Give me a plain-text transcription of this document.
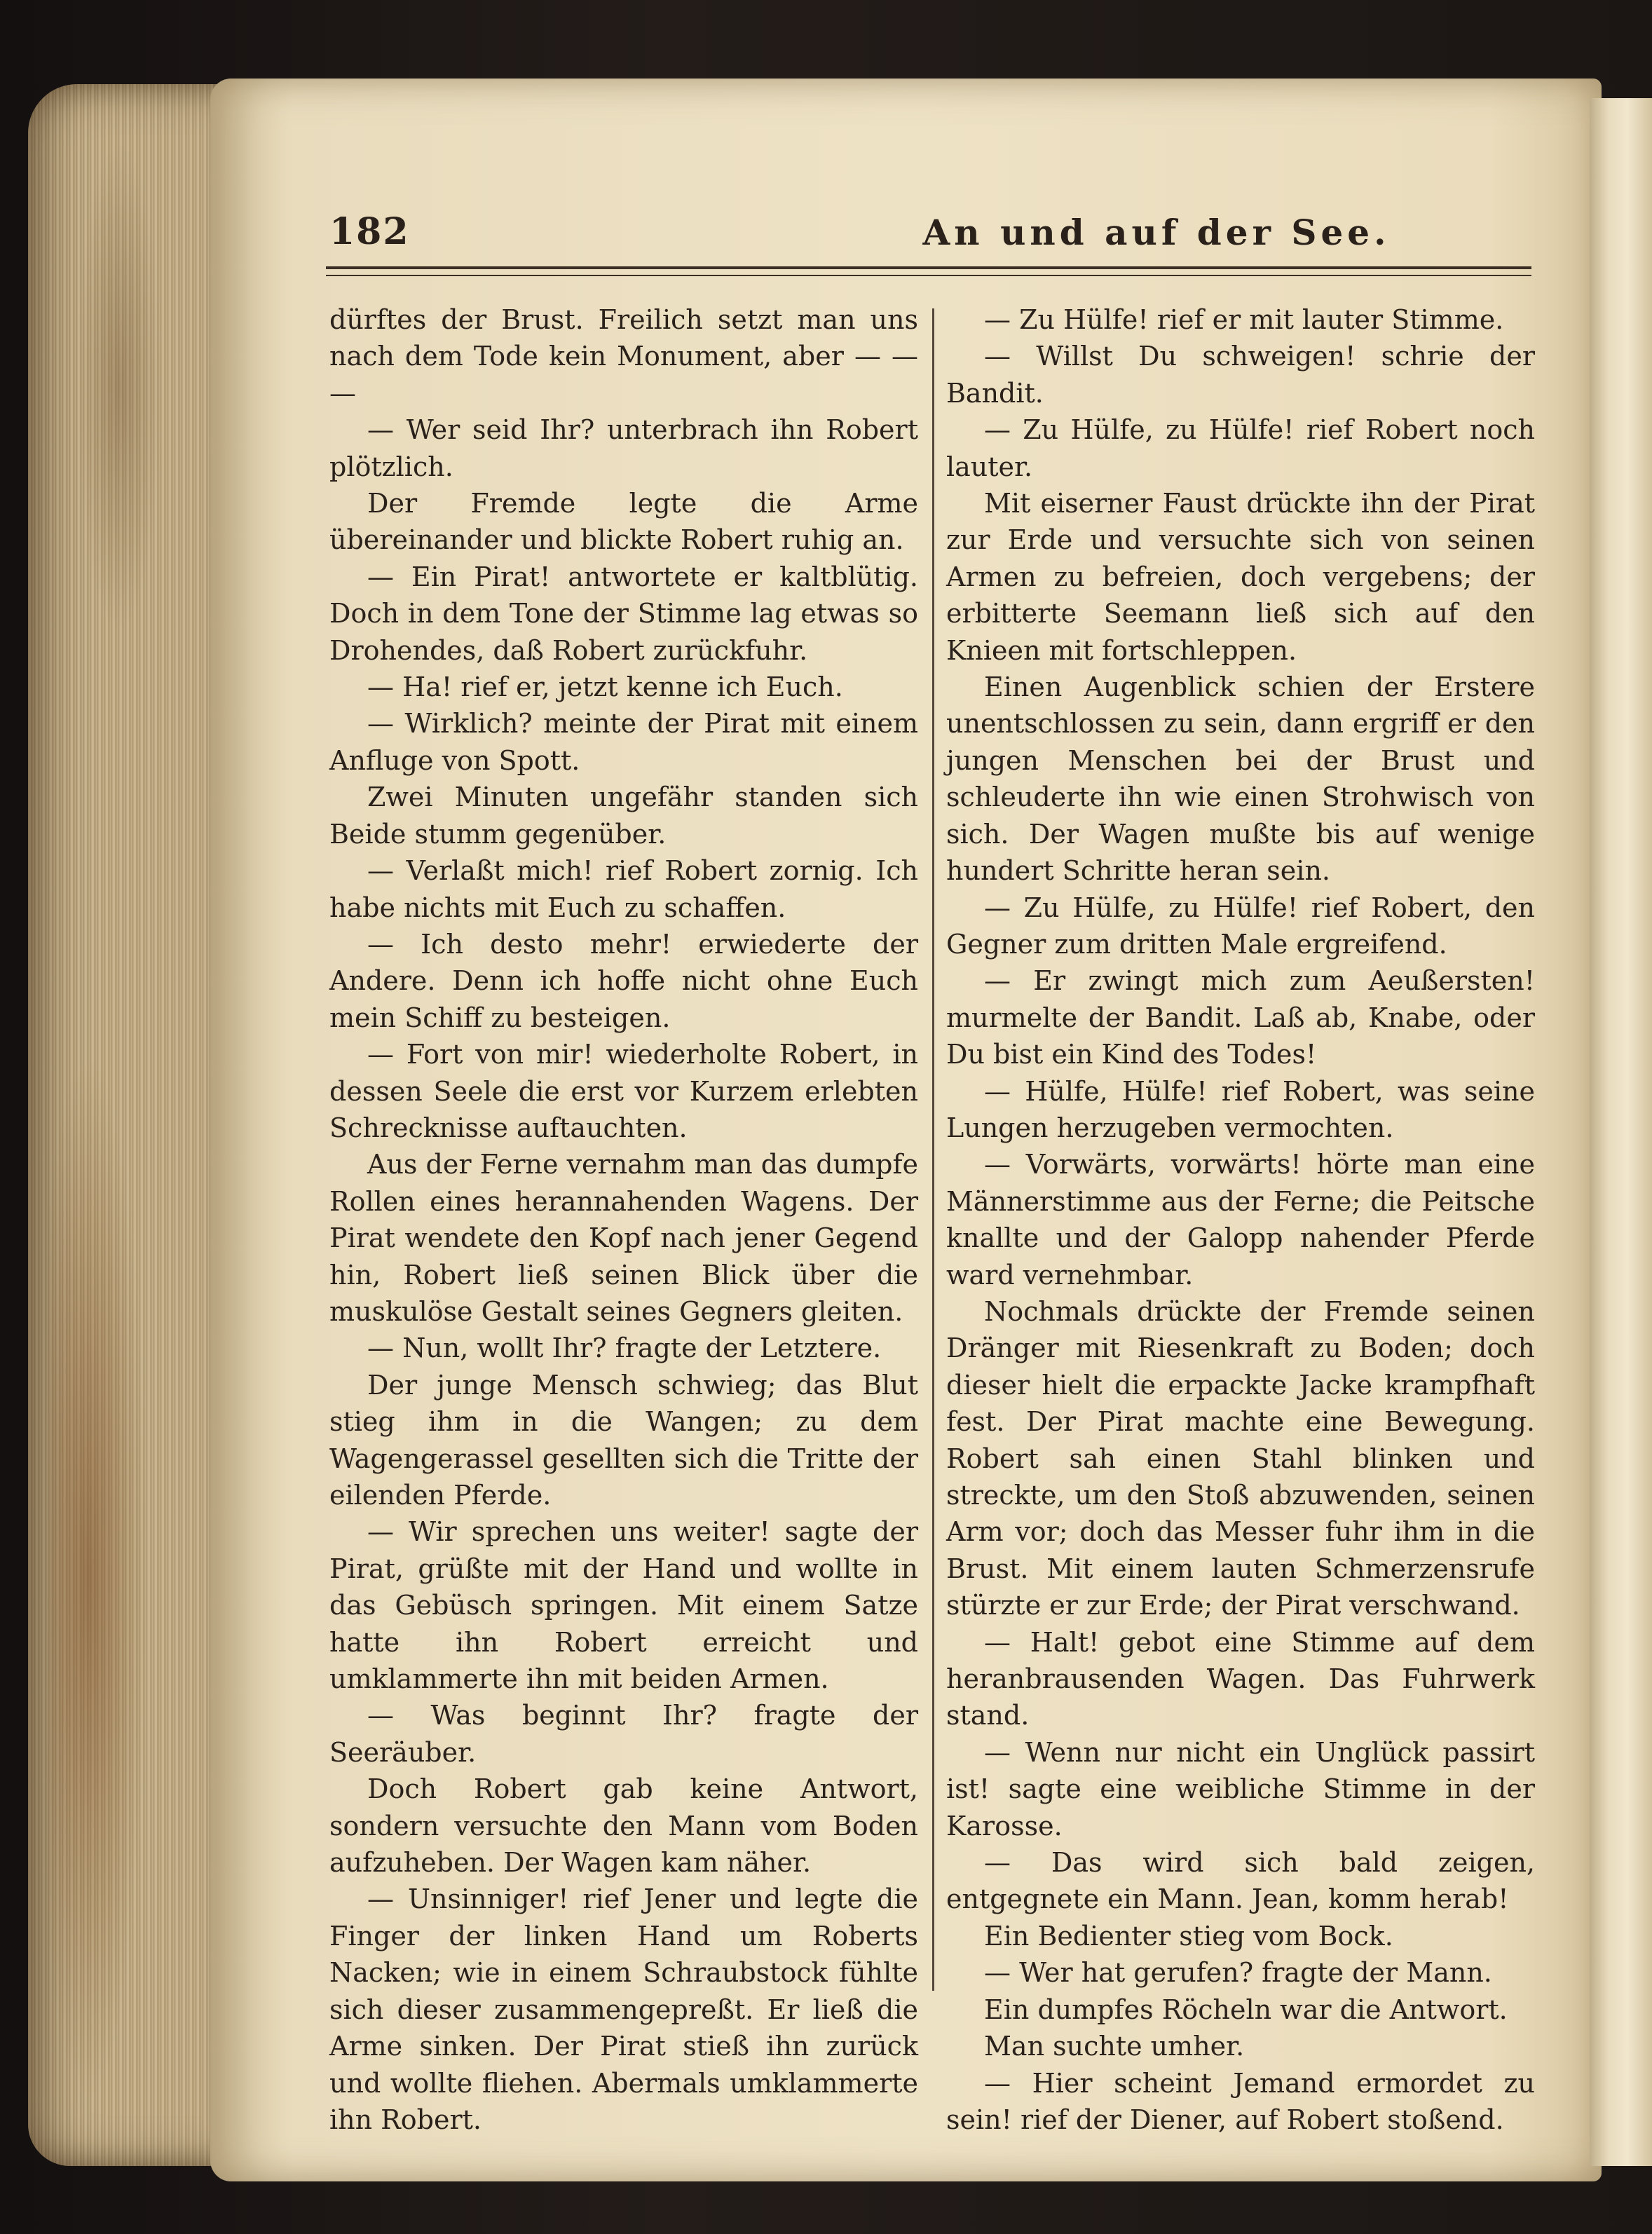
182	An und auf der See.

dürftes der Brust. Freilich setzt man uns nach dem Tode kein Monument, aber — — —

— Wer seid Ihr? unterbrach ihn Robert plötzlich.

Der Fremde legte die Arme übereinander und blickte Robert ruhig an.

— Ein Pirat! antwortete er kaltblütig. Doch in dem Tone der Stimme lag etwas so Drohendes, daß Robert zurückfuhr.

— Ha! rief er, jetzt kenne ich Euch.

— Wirklich? meinte der Pirat mit einem Anfluge von Spott.

Zwei Minuten ungefähr standen sich Beide stumm gegenüber.

— Verlaßt mich! rief Robert zornig. Ich habe nichts mit Euch zu schaffen.

— Ich desto mehr! erwiederte der Andere. Denn ich hoffe nicht ohne Euch mein Schiff zu besteigen.

— Fort von mir! wiederholte Robert, in dessen Seele die erst vor Kurzem erlebten Schrecknisse auftauchten.

Aus der Ferne vernahm man das dumpfe Rollen eines herannahenden Wagens. Der Pirat wendete den Kopf nach jener Gegend hin, Robert ließ seinen Blick über die muskulöse Gestalt seines Gegners gleiten.

— Nun, wollt Ihr? fragte der Letztere.

Der junge Mensch schwieg; das Blut stieg ihm in die Wangen; zu dem Wagengerassel gesellten sich die Tritte der eilenden Pferde.

— Wir sprechen uns weiter! sagte der Pirat, grüßte mit der Hand und wollte in das Gebüsch springen. Mit einem Satze hatte ihn Robert erreicht und umklammerte ihn mit beiden Armen.

— Was beginnt Ihr? fragte der Seeräuber.

Doch Robert gab keine Antwort, sondern versuchte den Mann vom Boden aufzuheben. Der Wagen kam näher.

— Unsinniger! rief Jener und legte die Finger der linken Hand um Roberts Nacken; wie in einem Schraubstock fühlte sich dieser zusammengepreßt. Er ließ die Arme sinken. Der Pirat stieß ihn zurück und wollte fliehen. Abermals umklammerte ihn Robert.

— Zu Hülfe! rief er mit lauter Stimme.

— Willst Du schweigen! schrie der Bandit.

— Zu Hülfe, zu Hülfe! rief Robert noch lauter.

Mit eiserner Faust drückte ihn der Pirat zur Erde und versuchte sich von seinen Armen zu befreien, doch vergebens; der erbitterte Seemann ließ sich auf den Knieen mit fortschleppen.

Einen Augenblick schien der Erstere unentschlossen zu sein, dann ergriff er den jungen Menschen bei der Brust und schleuderte ihn wie einen Strohwisch von sich. Der Wagen mußte bis auf wenige hundert Schritte heran sein.

— Zu Hülfe, zu Hülfe! rief Robert, den Gegner zum dritten Male ergreifend.

— Er zwingt mich zum Aeußersten! murmelte der Bandit. Laß ab, Knabe, oder Du bist ein Kind des Todes!

— Hülfe, Hülfe! rief Robert, was seine Lungen herzugeben vermochten.

— Vorwärts, vorwärts! hörte man eine Männerstimme aus der Ferne; die Peitsche knallte und der Galopp nahender Pferde ward vernehmbar.

Nochmals drückte der Fremde seinen Dränger mit Riesenkraft zu Boden; doch dieser hielt die erpackte Jacke krampfhaft fest. Der Pirat machte eine Bewegung. Robert sah einen Stahl blinken und streckte, um den Stoß abzuwenden, seinen Arm vor; doch das Messer fuhr ihm in die Brust. Mit einem lauten Schmerzensrufe stürzte er zur Erde; der Pirat verschwand.

— Halt! gebot eine Stimme auf dem heranbrausenden Wagen. Das Fuhrwerk stand.

— Wenn nur nicht ein Unglück passirt ist! sagte eine weibliche Stimme in der Karosse.

— Das wird sich bald zeigen, entgegnete ein Mann. Jean, komm herab!

Ein Bedienter stieg vom Bock.

— Wer hat gerufen? fragte der Mann.

Ein dumpfes Röcheln war die Antwort.

Man suchte umher.

— Hier scheint Jemand ermordet zu sein! rief der Diener, auf Robert stoßend.
